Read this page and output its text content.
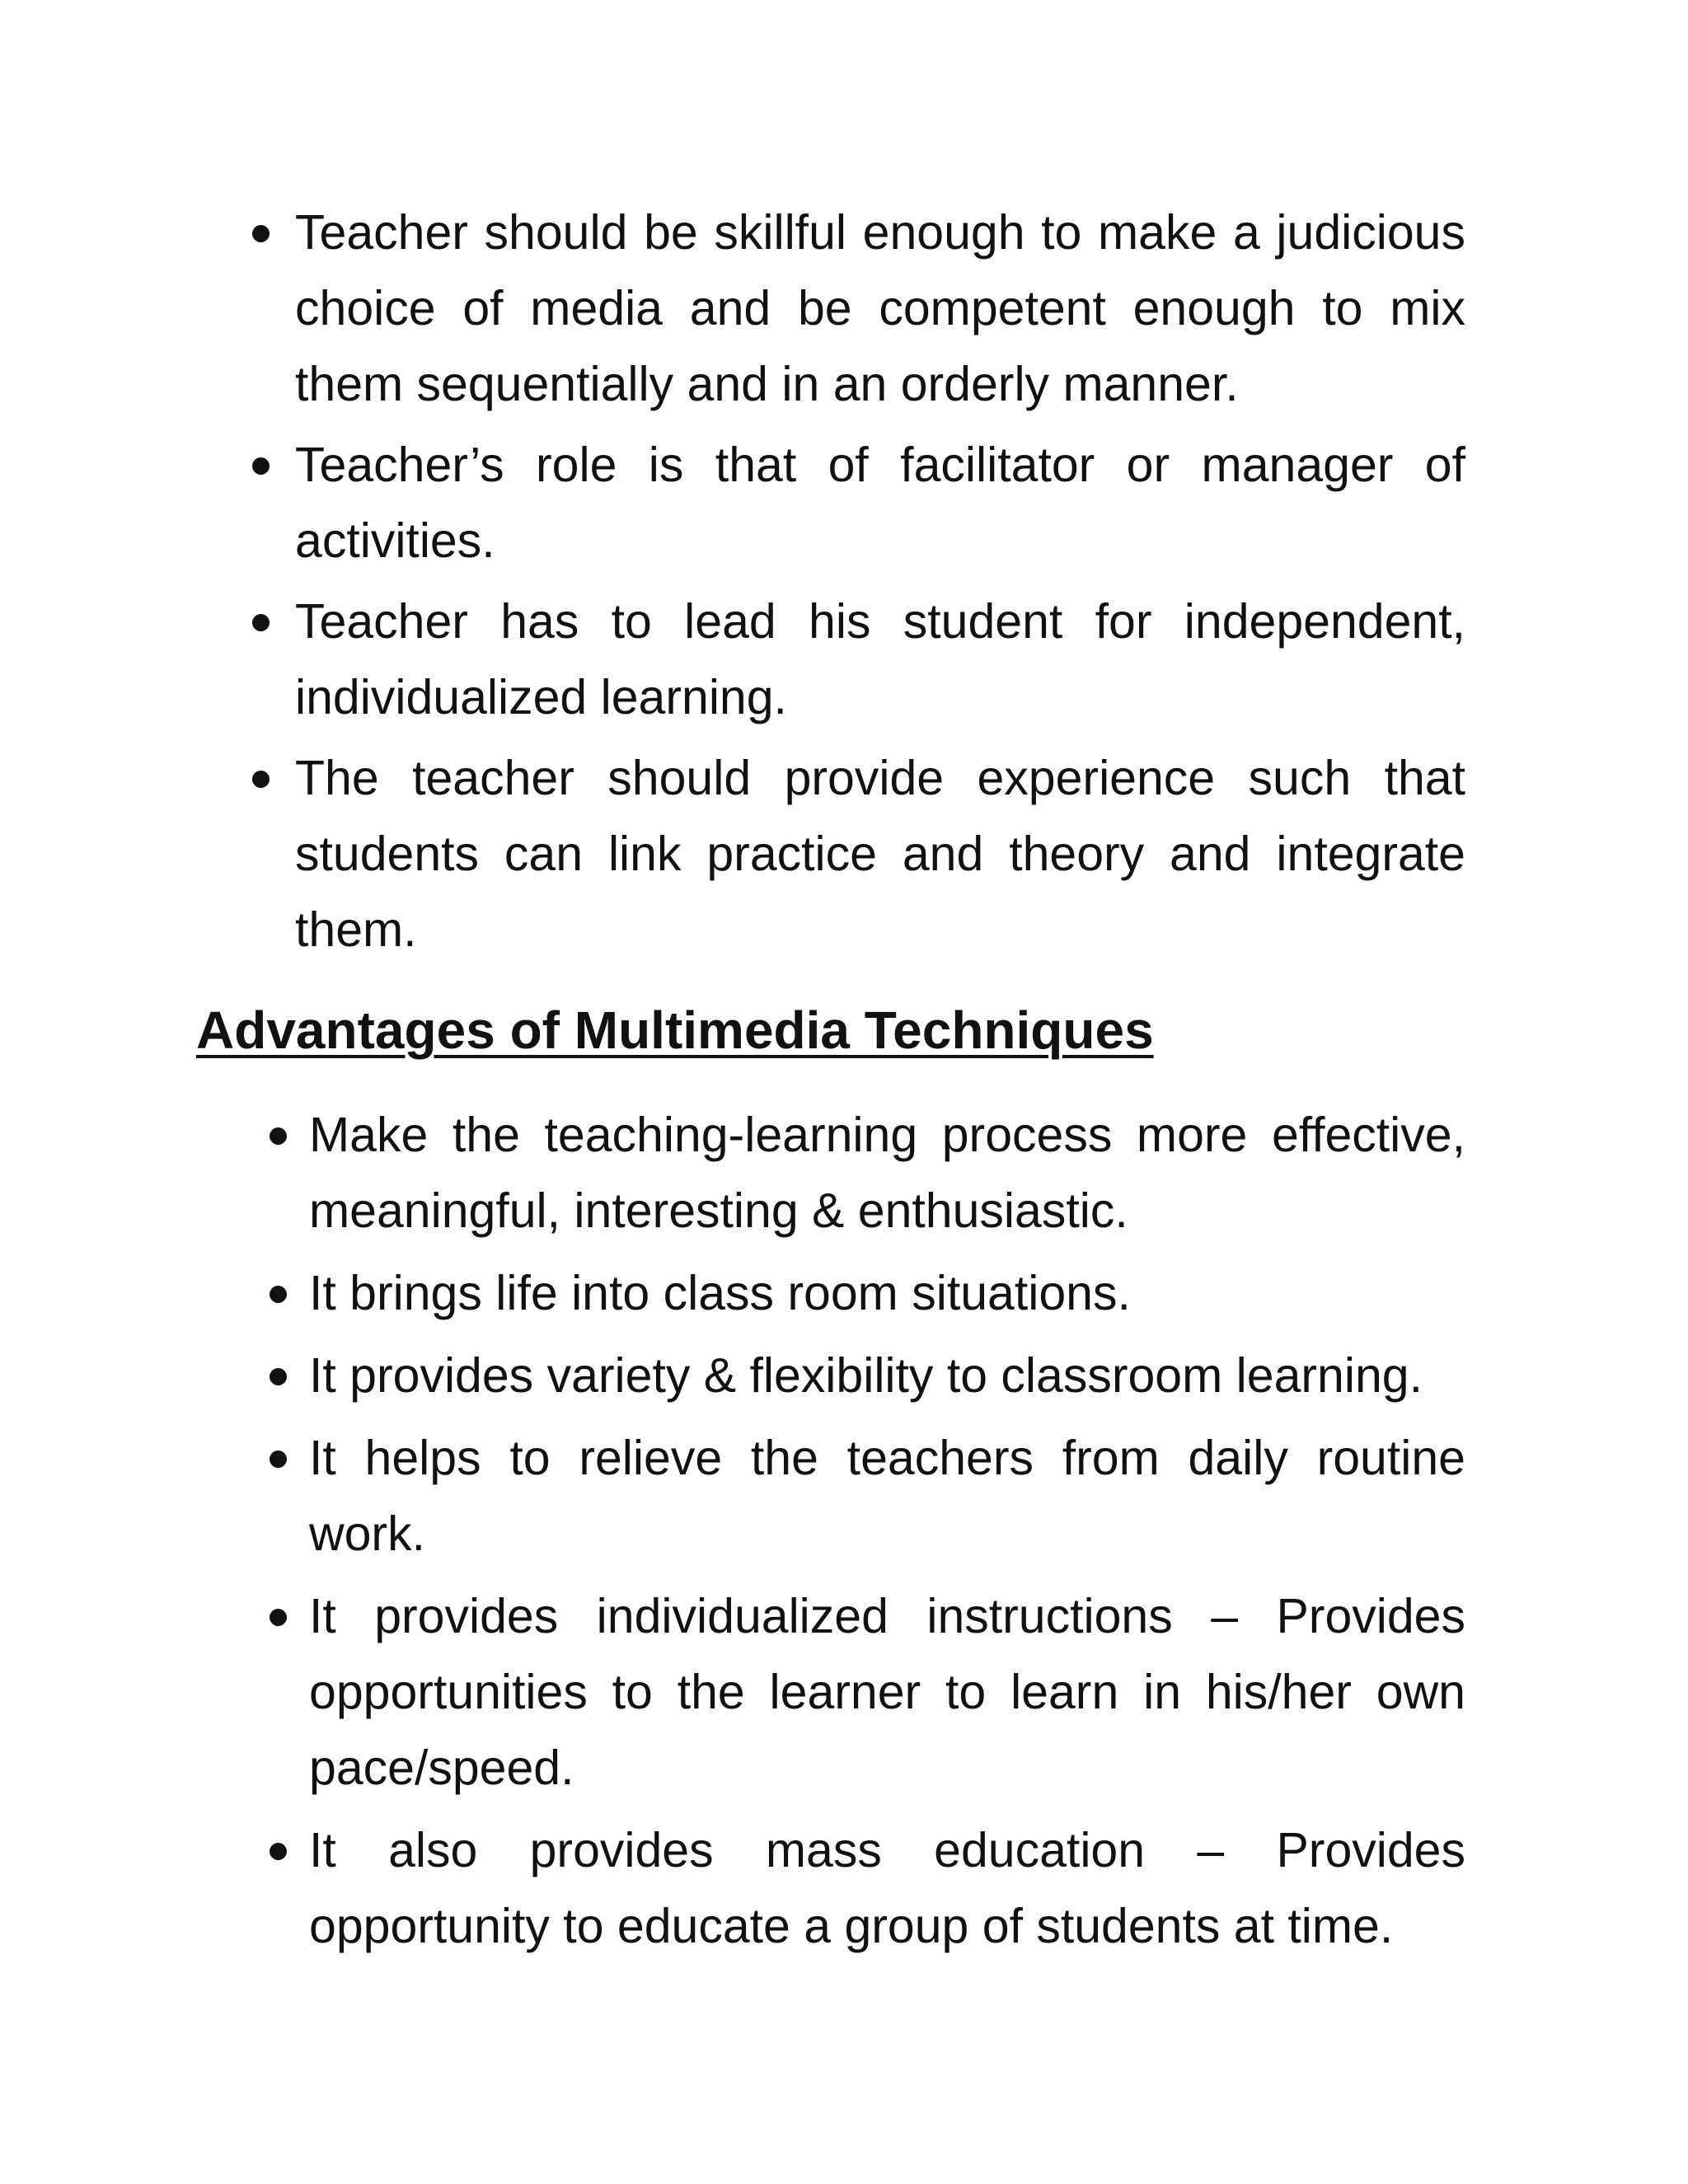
Teacher should be skillful enough to make a judicious choice of media and be competent enough to mix them sequentially and in an orderly manner.
Teacher’s role is that of facilitator or manager of activities.
Teacher has to lead his student for independent, individualized learning.
The teacher should provide experience such that students can link practice and theory and integrate them.
Advantages of Multimedia Techniques
Make the teaching-learning process more effective, meaningful, interesting & enthusiastic.
It brings life into class room situations.
It provides variety & flexibility to classroom learning.
It helps to relieve the teachers from daily routine work.
It provides individualized instructions – Provides opportunities to the learner to learn in his/her own pace/speed.
It also provides mass education – Provides opportunity to educate a group of students at time.
